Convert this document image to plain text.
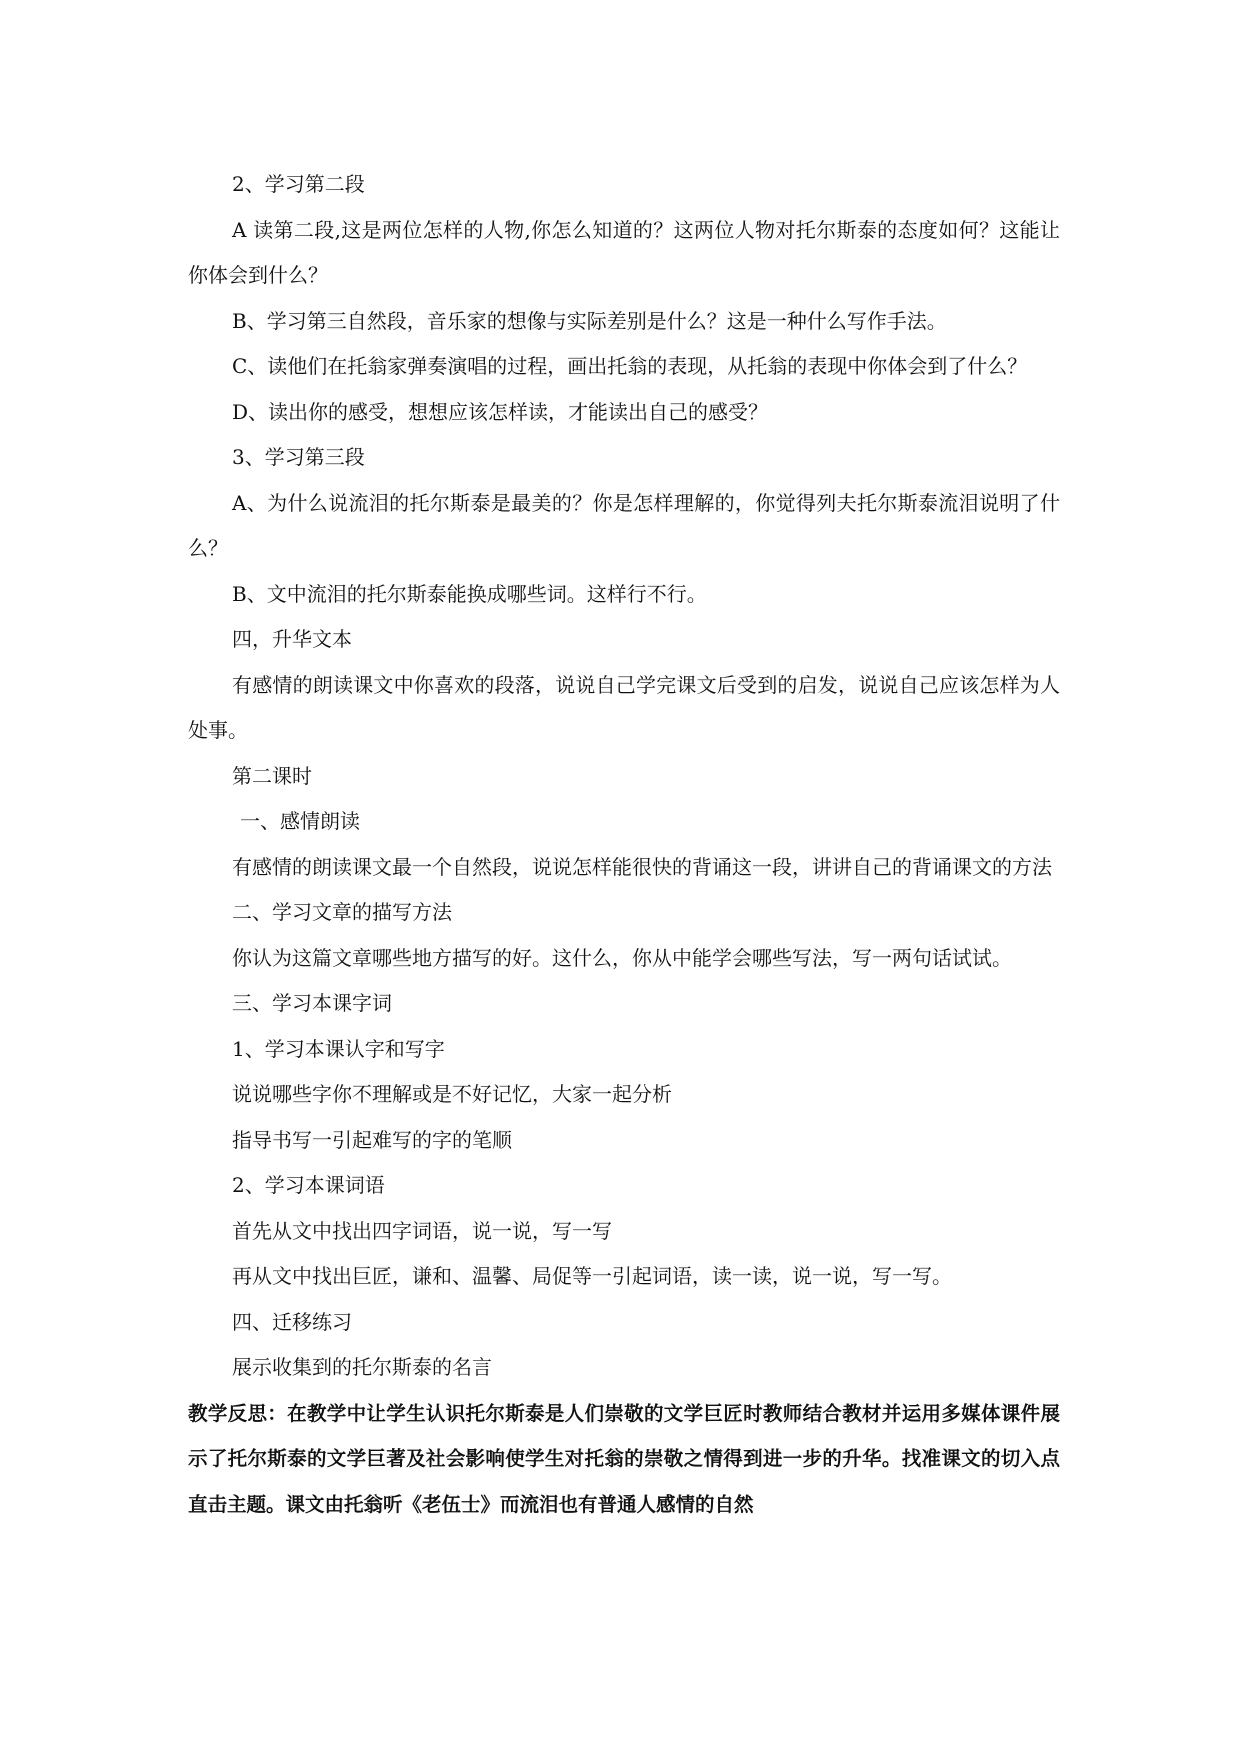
2、学习第二段

A 读第二段,这是两位怎样的人物,你怎么知道的？这两位人物对托尔斯泰的态度如何？这能让你体会到什么？

B、学习第三自然段，音乐家的想像与实际差别是什么？这是一种什么写作手法。

C、读他们在托翁家弹奏演唱的过程，画出托翁的表现，从托翁的表现中你体会到了什么？

D、读出你的感受，想想应该怎样读，才能读出自己的感受？

3、学习第三段

A、为什么说流泪的托尔斯泰是最美的？你是怎样理解的，你觉得列夫托尔斯泰流泪说明了什么？

B、文中流泪的托尔斯泰能换成哪些词。这样行不行。

四，升华文本

有感情的朗读课文中你喜欢的段落，说说自己学完课文后受到的启发，说说自己应该怎样为人处事。

第二课时

一、感情朗读

有感情的朗读课文最一个自然段，说说怎样能很快的背诵这一段，讲讲自己的背诵课文的方法

二、学习文章的描写方法

你认为这篇文章哪些地方描写的好。这什么，你从中能学会哪些写法，写一两句话试试。

三、学习本课字词

1、学习本课认字和写字

说说哪些字你不理解或是不好记忆，大家一起分析

指导书写一引起难写的字的笔顺

2、学习本课词语

首先从文中找出四字词语，说一说，写一写

再从文中找出巨匠，谦和、温馨、局促等一引起词语，读一读，说一说，写一写。

四、迁移练习

展示收集到的托尔斯泰的名言

教学反思：在教学中让学生认识托尔斯泰是人们崇敬的文学巨匠时教师结合教材并运用多媒体课件展示了托尔斯泰的文学巨著及社会影响使学生对托翁的崇敬之情得到进一步的升华。找准课文的切入点直击主题。课文由托翁听《老伍士》而流泪也有普通人感情的自然
